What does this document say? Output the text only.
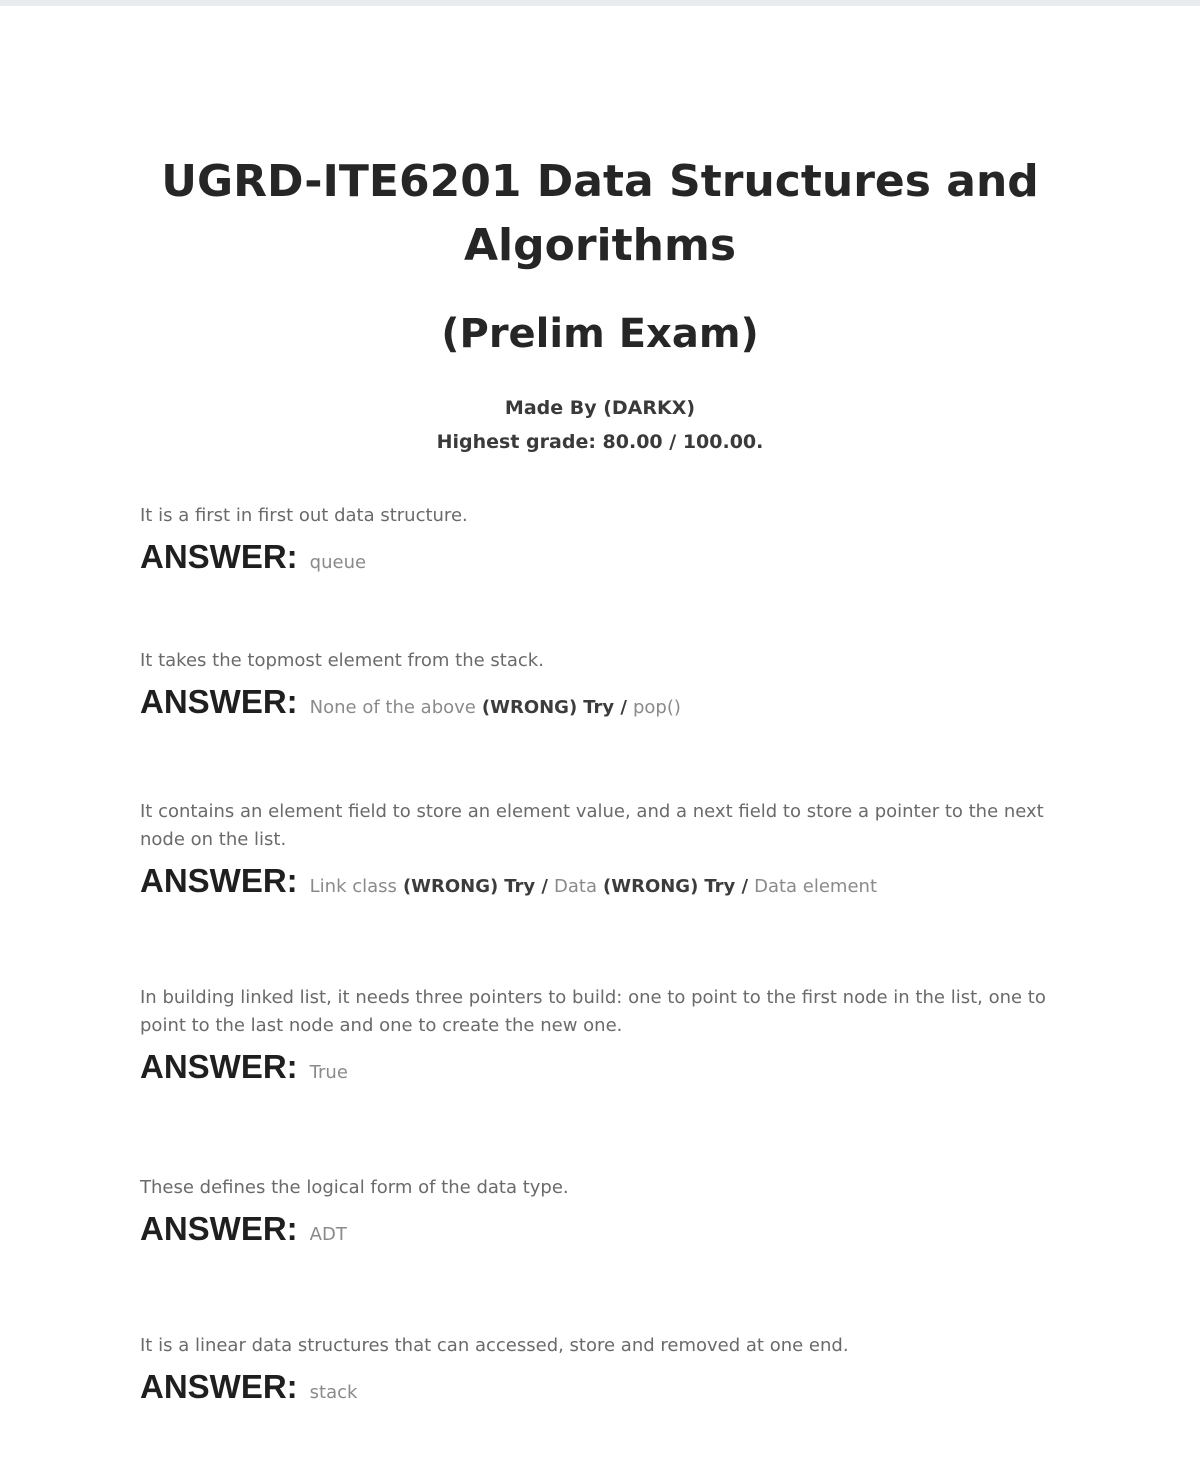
UGRD-ITE6201 Data Structures and Algorithms
(Prelim Exam)
Made By (DARKX)
Highest grade: 80.00 / 100.00.

It is a first in first out data structure.

ANSWER: queue

It takes the topmost element from the stack.

ANSWER: None of the above (WRONG) Try / pop()

It contains an element field to store an element value, and a next field to store a pointer to the next node on the list.

ANSWER: Link class (WRONG) Try / Data (WRONG) Try / Data element

In building linked list, it needs three pointers to build: one to point to the first node in the list, one to point to the last node and one to create the new one.

ANSWER: True

These defines the logical form of the data type.

ANSWER: ADT

It is a linear data structures that can accessed, store and removed at one end.

ANSWER: stack
